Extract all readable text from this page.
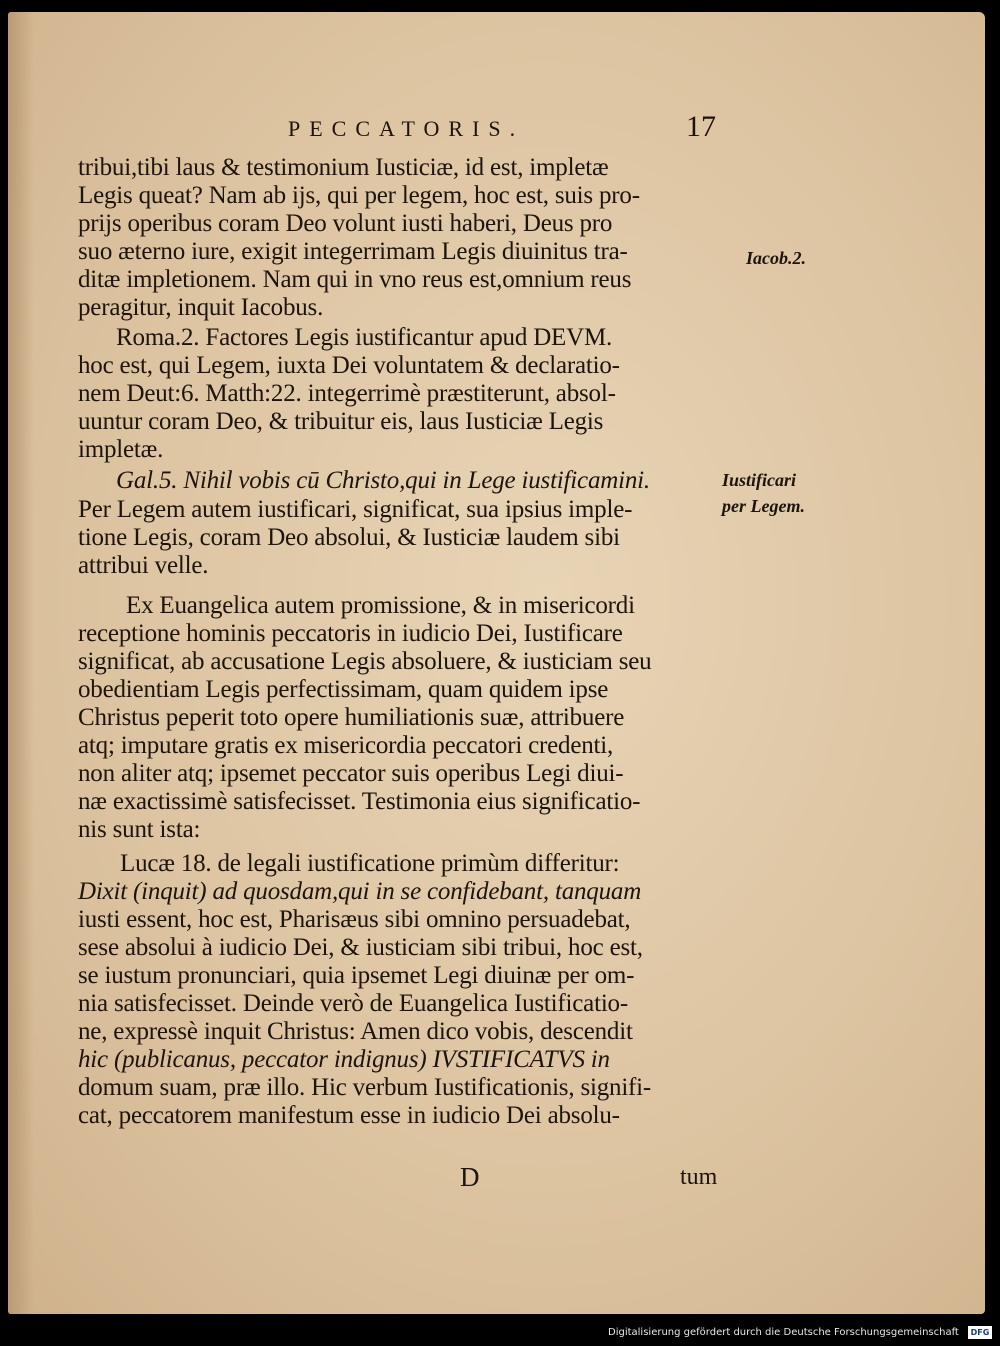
PECCATORIS.	17
tribui,tibi laus & testimonium Iusticiæ, id est, impletæ
Legis queat? Nam ab ijs, qui per legem, hoc est, suis pro-
prijs operibus coram Deo volunt iusti haberi, Deus pro
suo æterno iure, exigit integerrimam Legis diuinitus tra-
ditæ impletionem. Nam qui in vno reus est,omnium reus
peragitur, inquit Iacobus.
Roma.2. Factores Legis iustificantur apud DEVM.
hoc est, qui Legem, iuxta Dei voluntatem & declaratio-
nem Deut:6. Matth:22. integerrimè præstiterunt, absol-
uuntur coram Deo, & tribuitur eis, laus Iusticiæ Legis
impletæ.
Gal.5. Nihil vobis cū Christo,qui in Lege iustificamini.
Per Legem autem iustificari, significat, sua ipsius imple-
tione Legis, coram Deo absolui, & Iusticiæ laudem sibi
attribui velle.
Ex Euangelica autem promissione, & in misericordi
receptione hominis peccatoris in iudicio Dei, Iustificare
significat, ab accusatione Legis absoluere, & iusticiam seu
obedientiam Legis perfectissimam, quam quidem ipse
Christus peperit toto opere humiliationis suæ, attribuere
atq; imputare gratis ex misericordia peccatori credenti,
non aliter atq; ipsemet peccator suis operibus Legi diui-
næ exactissimè satisfecisset. Testimonia eius significatio-
nis sunt ista:
Lucæ 18. de legali iustificatione primùm differitur:
Dixit (inquit) ad quosdam,qui in se confidebant, tanquam
iusti essent, hoc est, Pharisæus sibi omnino persuadebat,
sese absolui à iudicio Dei, & iusticiam sibi tribui, hoc est,
se iustum pronunciari, quia ipsemet Legi diuinæ per om-
nia satisfecisset. Deinde verò de Euangelica Iustificatio-
ne, expressè inquit Christus: Amen dico vobis, descendit
hic (publicanus, peccator indignus) IVSTIFICATVS in
domum suam, præ illo. Hic verbum Iustificationis, signifi-
cat, peccatorem manifestum esse in iudicio Dei absolu-
Iacob.2.
Iustificari
per Legem.
D	tum
Digitalisierung gefördert durch die Deutsche Forschungsgemeinschaft	DFG
